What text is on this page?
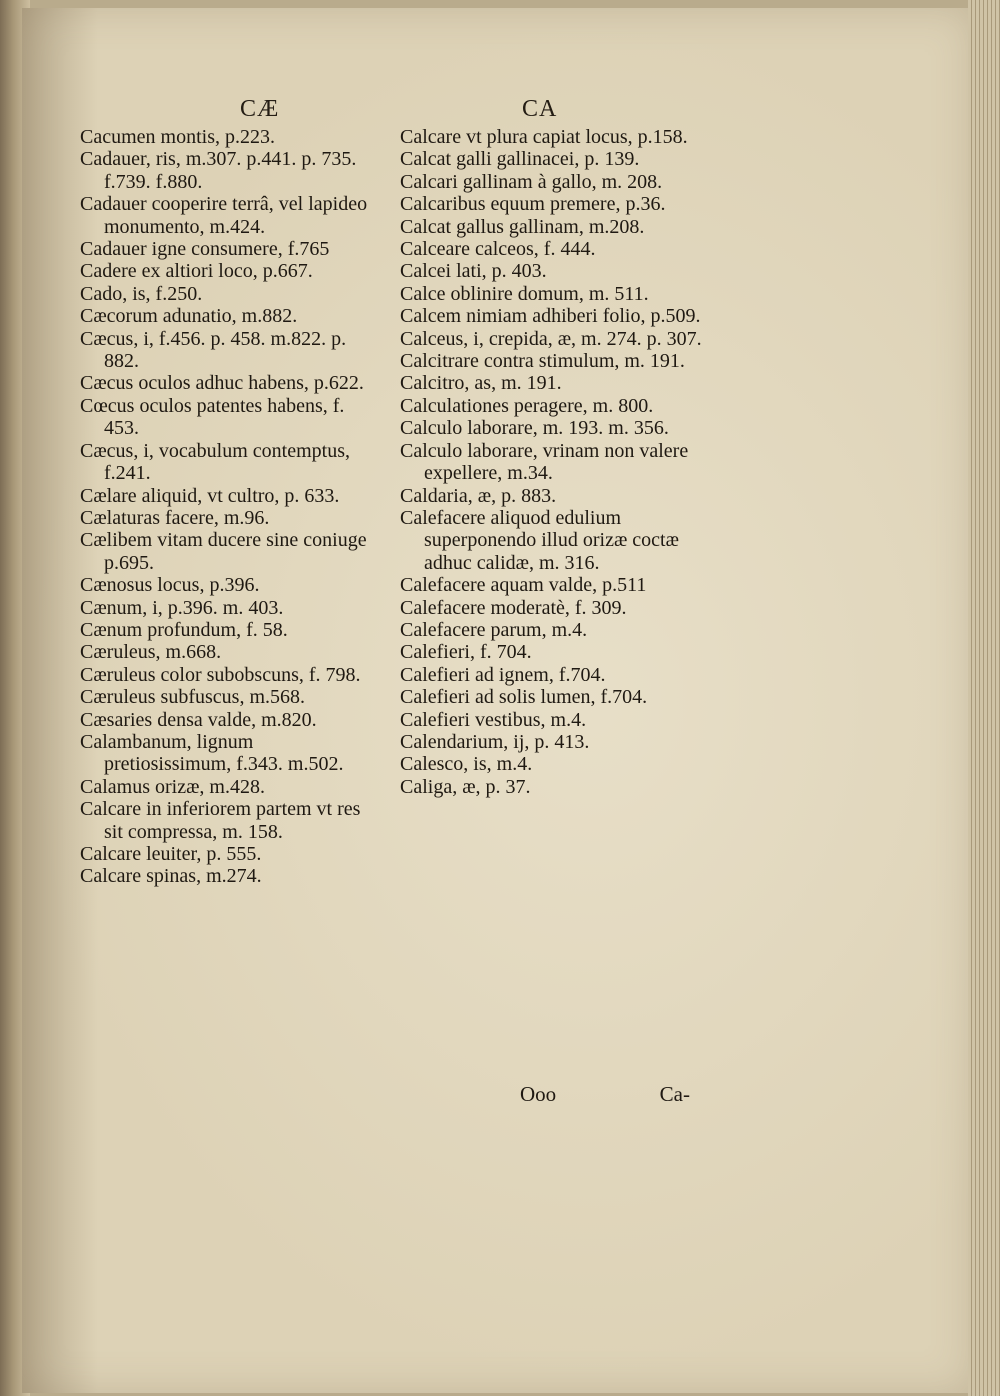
CÆ	CA

Cacumen montis, p.223.

Cadauer, ris, m.307. p.441. p. 735. f.739. f.880.

Cadauer cooperire terrâ, vel lapideo monumento, m.424.

Cadauer igne consumere, f.765

Cadere ex altiori loco, p.667.

Cado, is, f.250.

Cæcorum adunatio, m.882.

Cæcus, i, f.456. p. 458. m.822. p. 882.

Cæcus oculos adhuc habens, p.622.

Cœcus oculos patentes habens, f. 453.

Cæcus, i, vocabulum contemptus, f.241.

Cælare aliquid, vt cultro, p. 633.

Cælaturas facere, m.96.

Cælibem vitam ducere sine coniuge p.695.

Cænosus locus, p.396.

Cænum, i, p.396. m. 403.

Cænum profundum, f. 58.

Cæruleus, m.668.

Cæruleus color subobscuns, f. 798.

Cæruleus subfuscus, m.568.

Cæsaries densa valde, m.820.

Calambanum, lignum pretiosissimum, f.343. m.502.

Calamus orizæ, m.428.

Calcare in inferiorem partem vt res sit compressa, m. 158.

Calcare leuiter, p. 555.

Calcare spinas, m.274.

Calcare vt plura capiat locus, p.158.

Calcat galli gallinacei, p. 139.

Calcari gallinam à gallo, m. 208.

Calcaribus equum premere, p.36.

Calcat gallus gallinam, m.208.

Calceare calceos, f. 444.

Calcei lati, p. 403.

Calce oblinire domum, m. 511.

Calcem nimiam adhiberi folio, p.509.

Calceus, i, crepida, æ, m. 274. p. 307.

Calcitrare contra stimulum, m. 191.

Calcitro, as, m. 191.

Calculationes peragere, m. 800.

Calculo laborare, m. 193. m. 356.

Calculo laborare, vrinam non valere expellere, m.34.

Caldaria, æ, p. 883.

Calefacere aliquod edulium superponendo illud orizæ coctæ adhuc calidæ, m. 316.

Calefacere aquam valde, p.511

Calefacere moderatè, f. 309.

Calefacere parum, m.4.

Calefieri, f. 704.

Calefieri ad ignem, f.704.

Calefieri ad solis lumen, f.704.

Calefieri vestibus, m.4.

Calendarium, ij, p. 413.

Calesco, is, m.4.

Caliga, æ, p. 37.

Ooo	Ca-
